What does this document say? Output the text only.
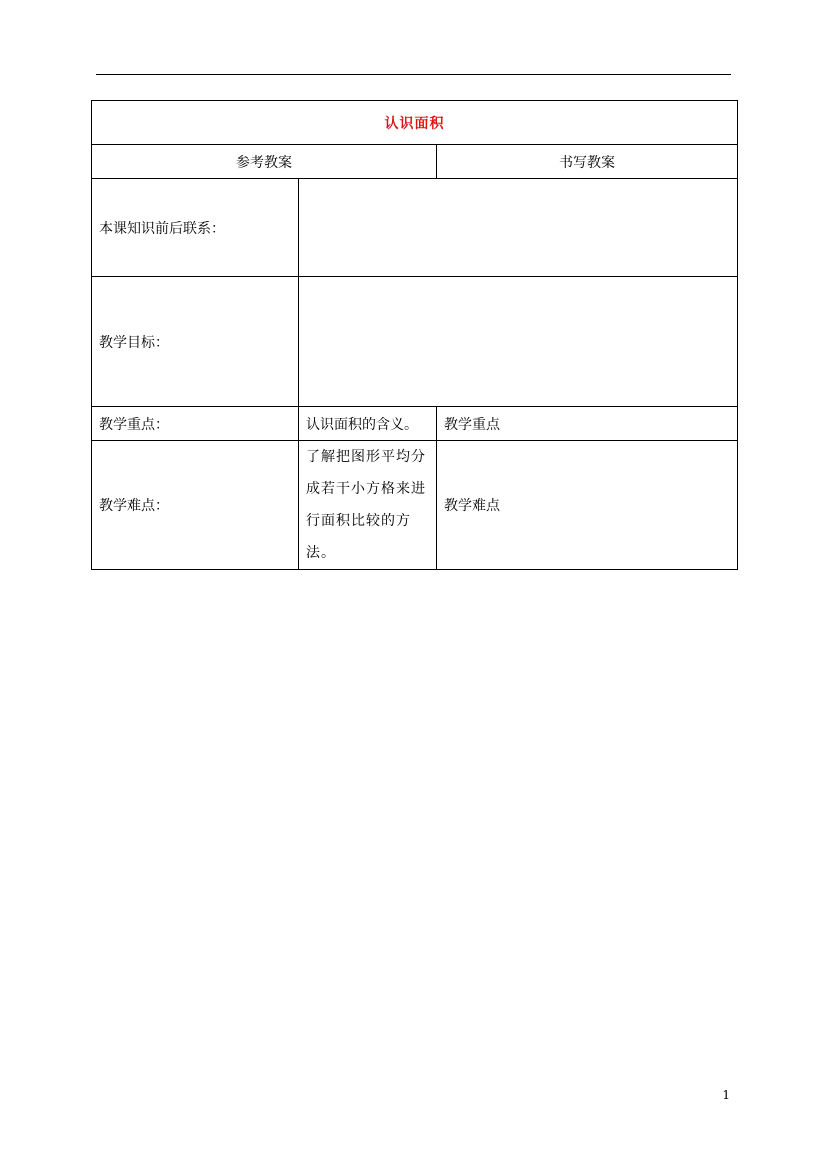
认识面积		
参考教案		书写教案
本课知识前后联系：		
教学目标：		
教学重点：	认识面积的含义。	教学重点
教学难点：	了解把图形平均分
成若干小方格来进
行面积比较的方法。	教学难点
1
